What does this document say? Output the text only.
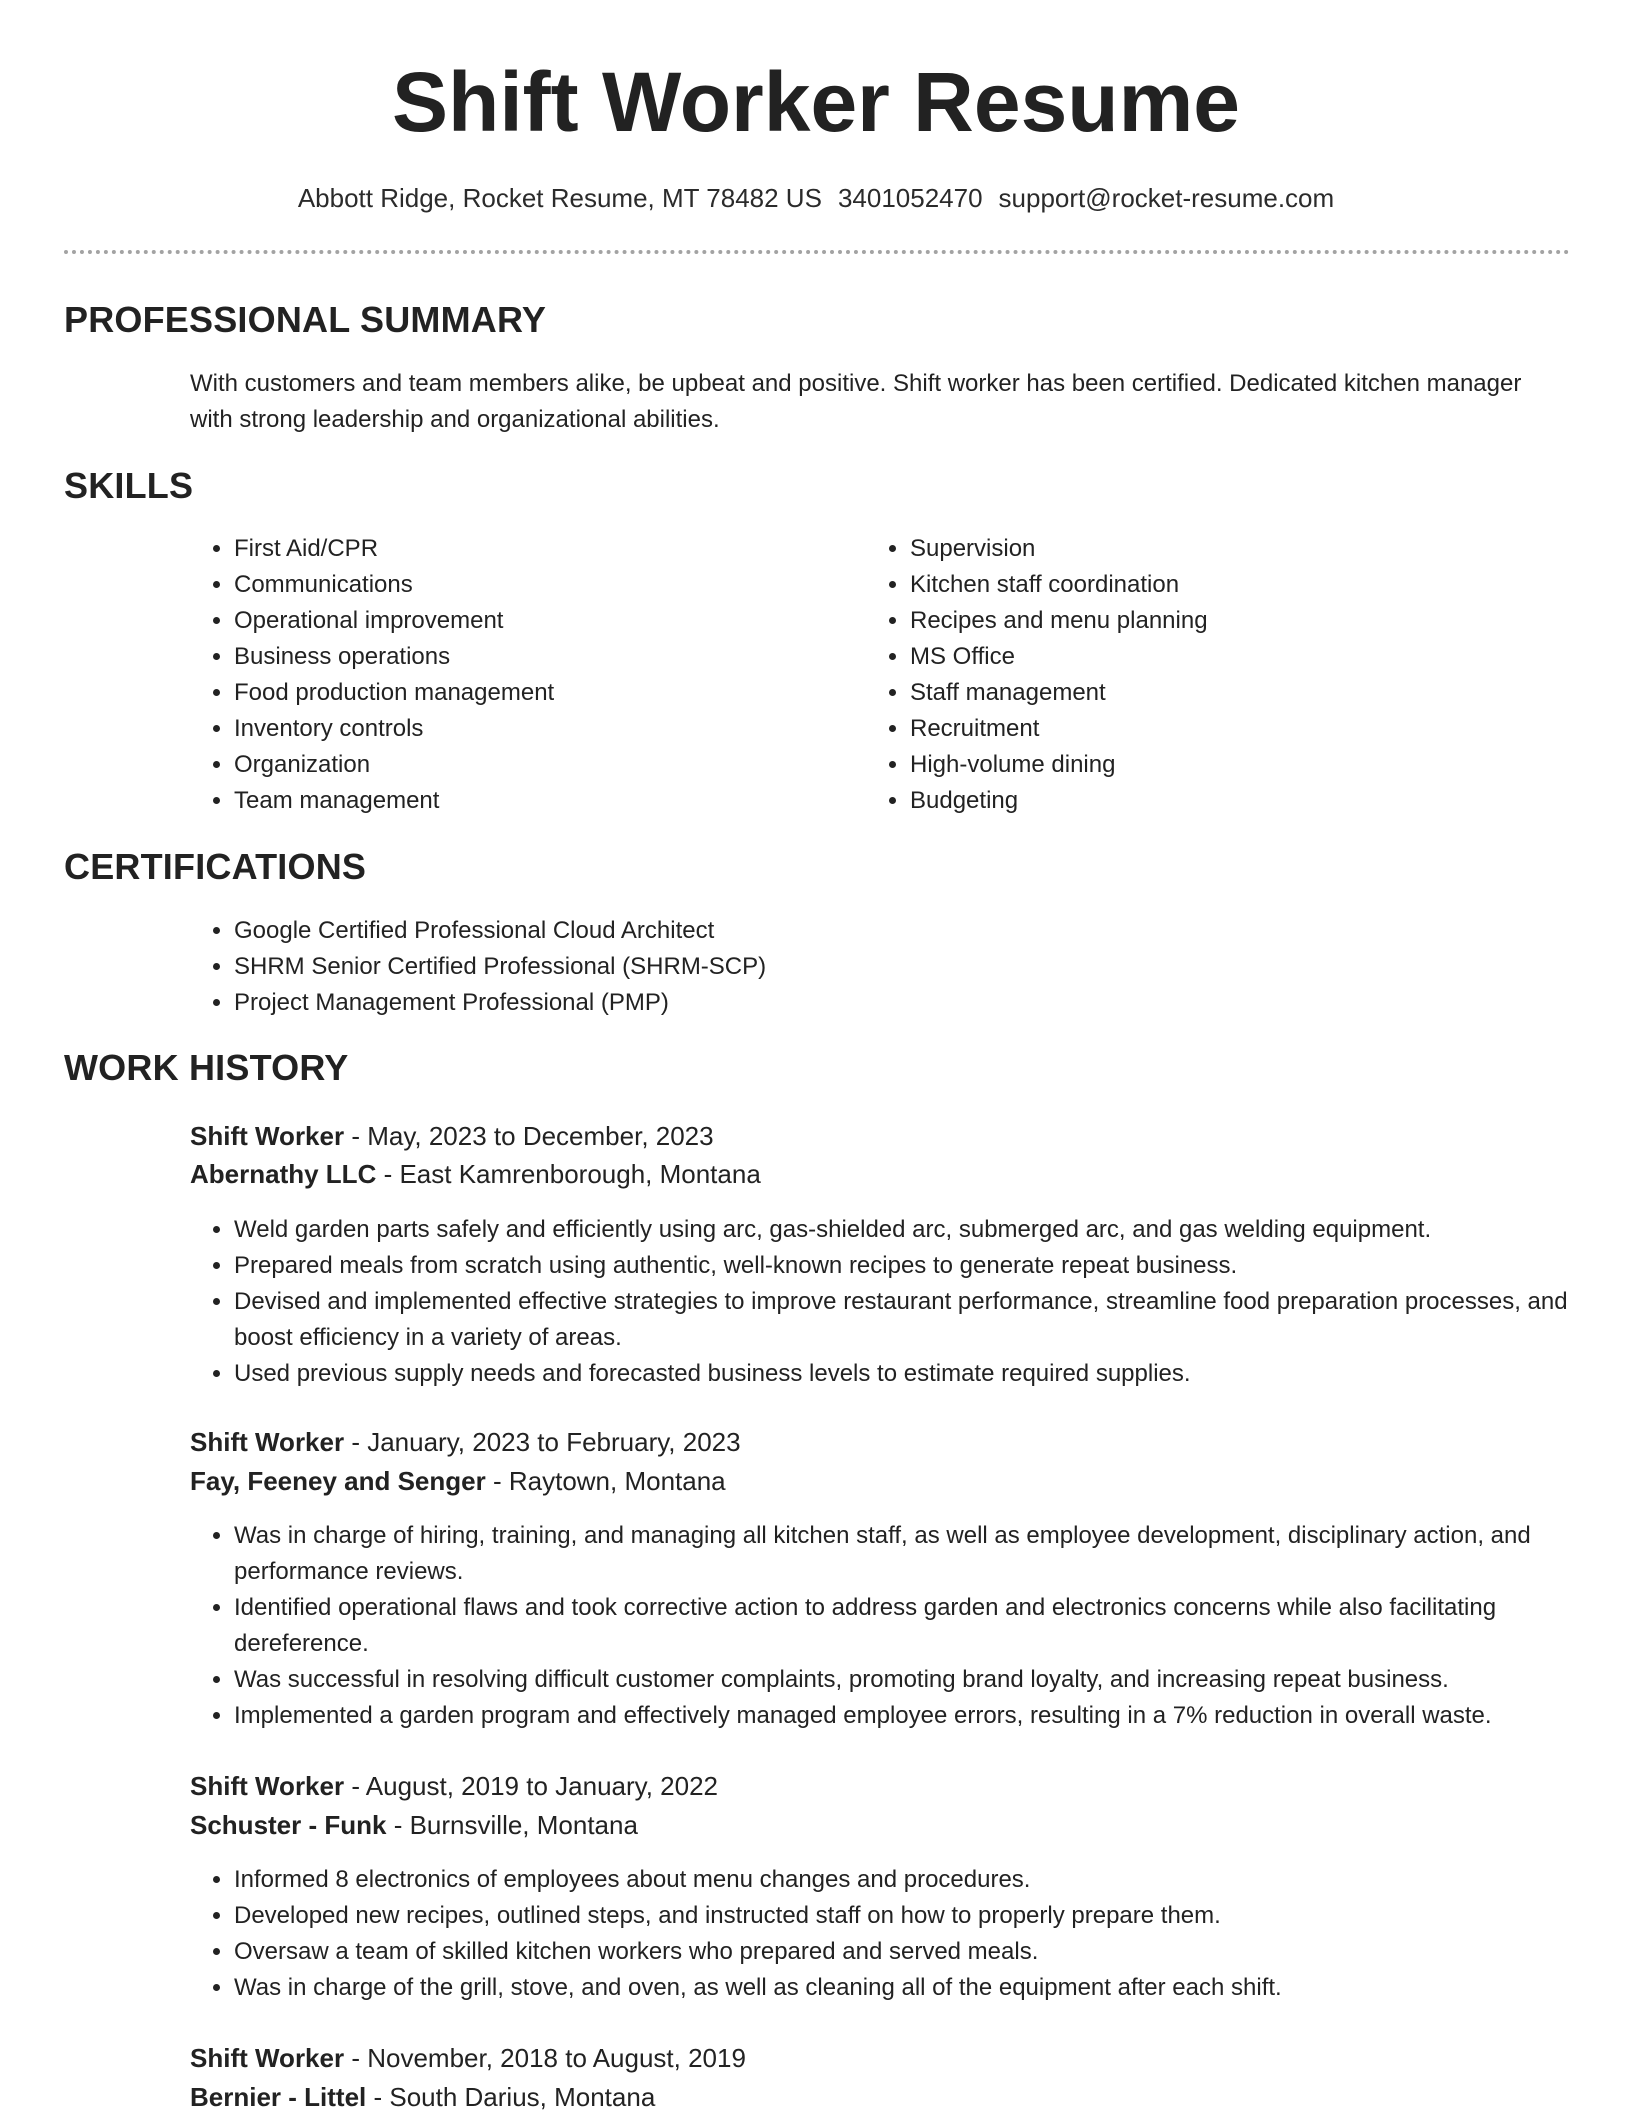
Shift Worker Resume
Abbott Ridge, Rocket Resume, MT 78482 US 3401052470 support@rocket-resume.com
PROFESSIONAL SUMMARY
With customers and team members alike, be upbeat and positive. Shift worker has been certified. Dedicated kitchen manager with strong leadership and organizational abilities.
SKILLS
• First Aid/CPR
• Communications
• Operational improvement
• Business operations
• Food production management
• Inventory controls
• Organization
• Team management
• Supervision
• Kitchen staff coordination
• Recipes and menu planning
• MS Office
• Staff management
• Recruitment
• High-volume dining
• Budgeting
CERTIFICATIONS
• Google Certified Professional Cloud Architect
• SHRM Senior Certified Professional (SHRM-SCP)
• Project Management Professional (PMP)
WORK HISTORY
Shift Worker - May, 2023 to December, 2023
Abernathy LLC - East Kamrenborough, Montana
• Weld garden parts safely and efficiently using arc, gas-shielded arc, submerged arc, and gas welding equipment.
• Prepared meals from scratch using authentic, well-known recipes to generate repeat business.
• Devised and implemented effective strategies to improve restaurant performance, streamline food preparation processes, and boost efficiency in a variety of areas.
• Used previous supply needs and forecasted business levels to estimate required supplies.
Shift Worker - January, 2023 to February, 2023
Fay, Feeney and Senger - Raytown, Montana
• Was in charge of hiring, training, and managing all kitchen staff, as well as employee development, disciplinary action, and performance reviews.
• Identified operational flaws and took corrective action to address garden and electronics concerns while also facilitating dereference.
• Was successful in resolving difficult customer complaints, promoting brand loyalty, and increasing repeat business.
• Implemented a garden program and effectively managed employee errors, resulting in a 7% reduction in overall waste.
Shift Worker - August, 2019 to January, 2022
Schuster - Funk - Burnsville, Montana
• Informed 8 electronics of employees about menu changes and procedures.
• Developed new recipes, outlined steps, and instructed staff on how to properly prepare them.
• Oversaw a team of skilled kitchen workers who prepared and served meals.
• Was in charge of the grill, stove, and oven, as well as cleaning all of the equipment after each shift.
Shift Worker - November, 2018 to August, 2019
Bernier - Littel - South Darius, Montana
